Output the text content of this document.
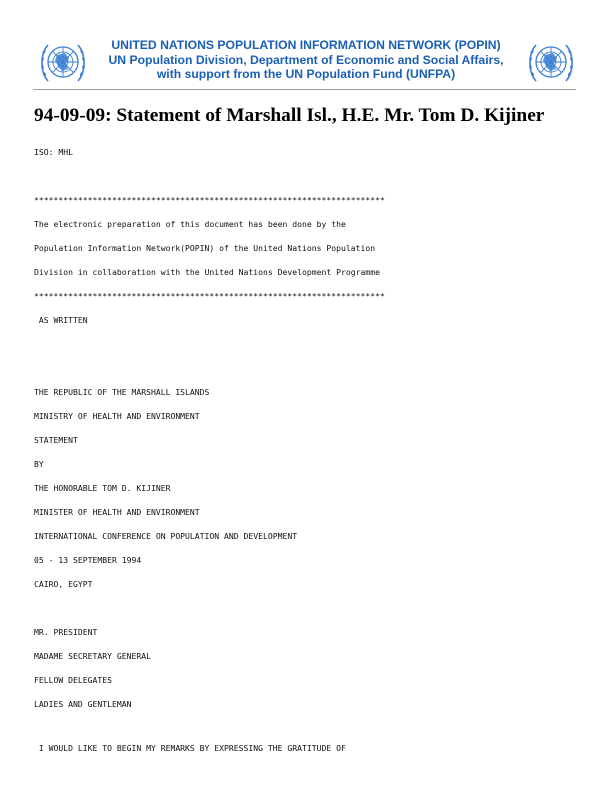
UNITED NATIONS POPULATION INFORMATION NETWORK (POPIN)
UN Population Division, Department of Economic and Social Affairs,
with support from the UN Population Fund (UNFPA)
94-09-09: Statement of Marshall Isl., H.E. Mr. Tom D. Kijiner
ISO: MHL
************************************************************************
The electronic preparation of this document has been done by the
Population Information Network(POPIN) of the United Nations Population
Division in collaboration with the United Nations Development Programme
************************************************************************
AS WRITTEN
THE REPUBLIC OF THE MARSHALL ISLANDS
MINISTRY OF HEALTH AND ENVIRONMENT
STATEMENT
BY
THE HONORABLE TOM D. KIJINER
MINISTER OF HEALTH AND ENVIRONMENT
INTERNATIONAL CONFERENCE ON POPULATION AND DEVELOPMENT
05 - 13 SEPTEMBER 1994
CAIRO, EGYPT
MR. PRESIDENT
MADAME SECRETARY GENERAL
FELLOW DELEGATES
LADIES AND GENTLEMAN
I WOULD LIKE TO BEGIN MY REMARKS BY EXPRESSING THE GRATITUDE OF
